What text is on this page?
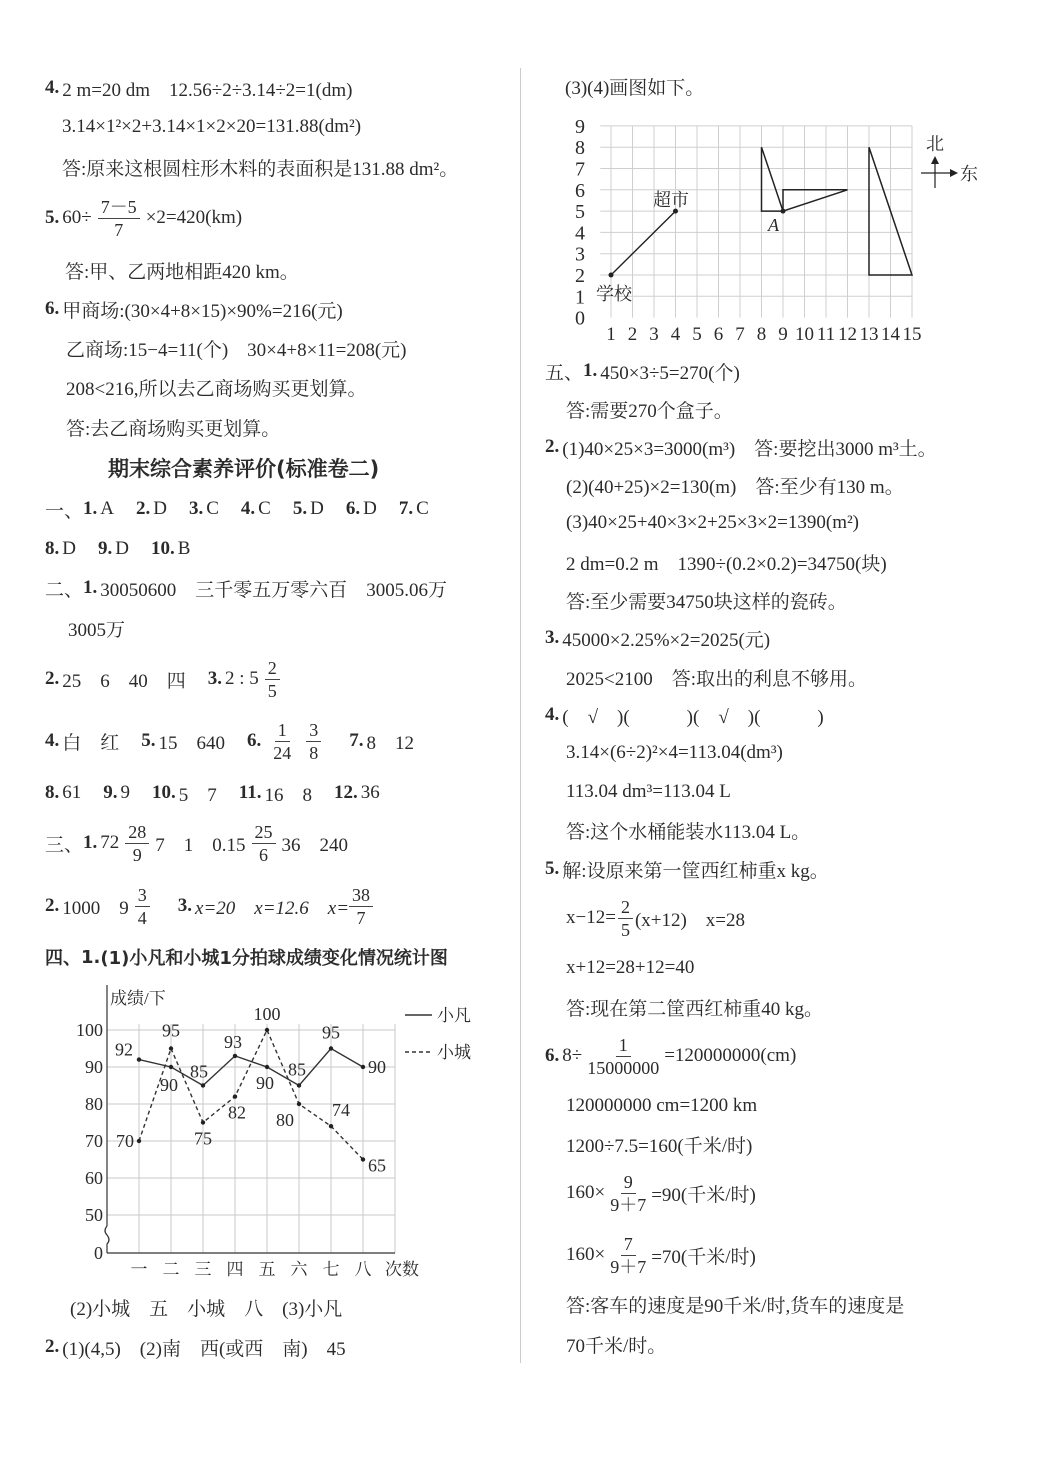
4. 2 m=20 dm　12.56÷2÷3.14÷2=1(dm)
3.14×1²×2+3.14×1×2×20=131.88(dm²)
答:原来这根圆柱形木料的表面积是131.88 dm²。
5. $60\div \frac{7-5}{7} \times 2=420(km)$
答:甲、乙两地相距420 km。
6. 甲商场:(30×4+8×15)×90%=216(元)
乙商场:15−4=11(个)　30×4+8×11=208(元)
208<216,所以去乙商场购买更划算。
答:去乙商场购买更划算。
期末综合素养评价(标准卷二)
一、 1. A 2. D 3. C 4. C 5. D 6. D 7. C
8. D 9. D 10. B
二、 1. 30050600　三千零五万零六百　3005.06万
3005万
2. 25　6　40　四 3. 2 : $5 \frac{2}{5}$
4. 白　红 5. 15　640 6. $\frac{1}{24} \frac{3}{8} 7$. 8　12
8. 61 9. 9 10. 5　7 11. 16　8 12. 36
三、 1. $72 \frac{28}{9} 7$　1　$0.15 \frac{25}{6} 36$　240
2. 1000　$9 \frac{3}{4} 3$. x=20　x=12.6　$x= \frac{38}{7}$
四、 1. (1)小凡和小城1分拍球成绩变化情况统计图
(2)小城　五　小城　八　(3)小凡
2. (1)(4,5)　(2)南　西(或西　南)　45
(3)(4)画图如下。
五、 1. 450×3÷5=270(个)
答:需要270个盒子。
2. (1)40×25×3=3000(m³)　答:要挖出3000 m³土。
(2)(40+25)×2=130(m)　答:至少有130 m。
(3)40×25+40×3×2+25×3×2=1390(m²)
2 dm=0.2 m　1390÷(0.2×0.2)=34750(块)
答:至少需要34750块这样的瓷砖。
3. 45000×2.25%×2=2025(元)
2025<2100　答:取出的利息不够用。
4. (　√　)(　　　)(　√　)(　　　)
3.14×(6÷2)²×4=113.04(dm³)
113.04 dm³=113.04 L
答:这个水桶能装水113.04 L。
5. 解:设原来第一筐西红柿重x kg。
$x-12= \frac{2}{5} (x+12)$　x=28
x+12=28+12=40
答:现在第二筐西红柿重40 kg。
6. $8\div \frac{1}{15000000} =120000000(cm)$
120000000 cm=1200 km
1200÷7.5=160(千米/时)
$160\times \frac{9}{9+7} =90$(千米/时)
$160\times \frac{7}{9+7} =70$(千米/时)
答:客车的速度是90千米/时,货车的速度是
70千米/时。
0
50
60
70
80
90
100
成绩/下
一 二 三 四 五 六 七 八 次数
92
90
85
93
90
85
95
90
小凡
70
95
75
82
100
80 74
65
小城
1 2 3 4 5 6 7 8 9 10 11 12 13 14 15
0
1
2
3
4
5
6
7
8
9
学校
超市
A
北
东
